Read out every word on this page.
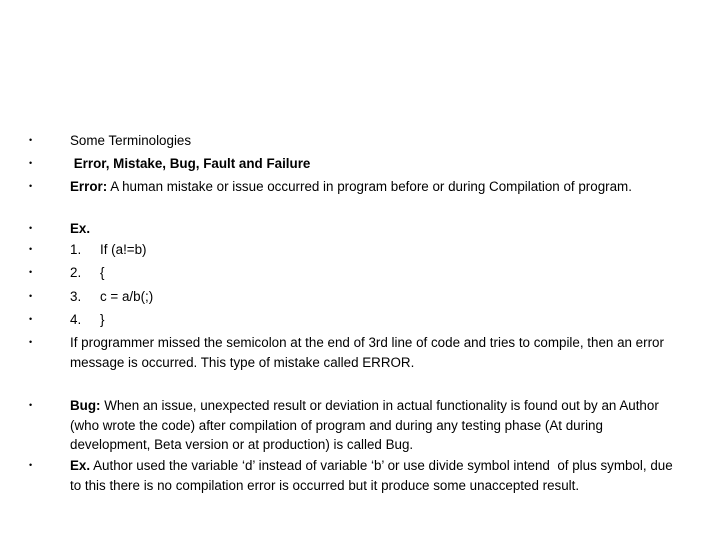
•	Some Terminologies
•	Error, Mistake, Bug, Fault and Failure
•	Error: A human mistake or issue occurred in program before or during Compilation of program.
•	Ex.
•	1. If (a!=b)
•	2. {
•	3. c = a/b(;)
•	4. }
•	If programmer missed the semicolon at the end of 3rd line of code and tries to compile, then an error message is occurred. This type of mistake called ERROR.
•	Bug: When an issue, unexpected result or deviation in actual functionality is found out by an Author (who wrote the code) after compilation of program and during any testing phase (At during development, Beta version or at production) is called Bug.
•	Ex. Author used the variable ‘d’ instead of variable ‘b’ or use divide symbol intend  of plus symbol, due to this there is no compilation error is occurred but it produce some unaccepted result.
